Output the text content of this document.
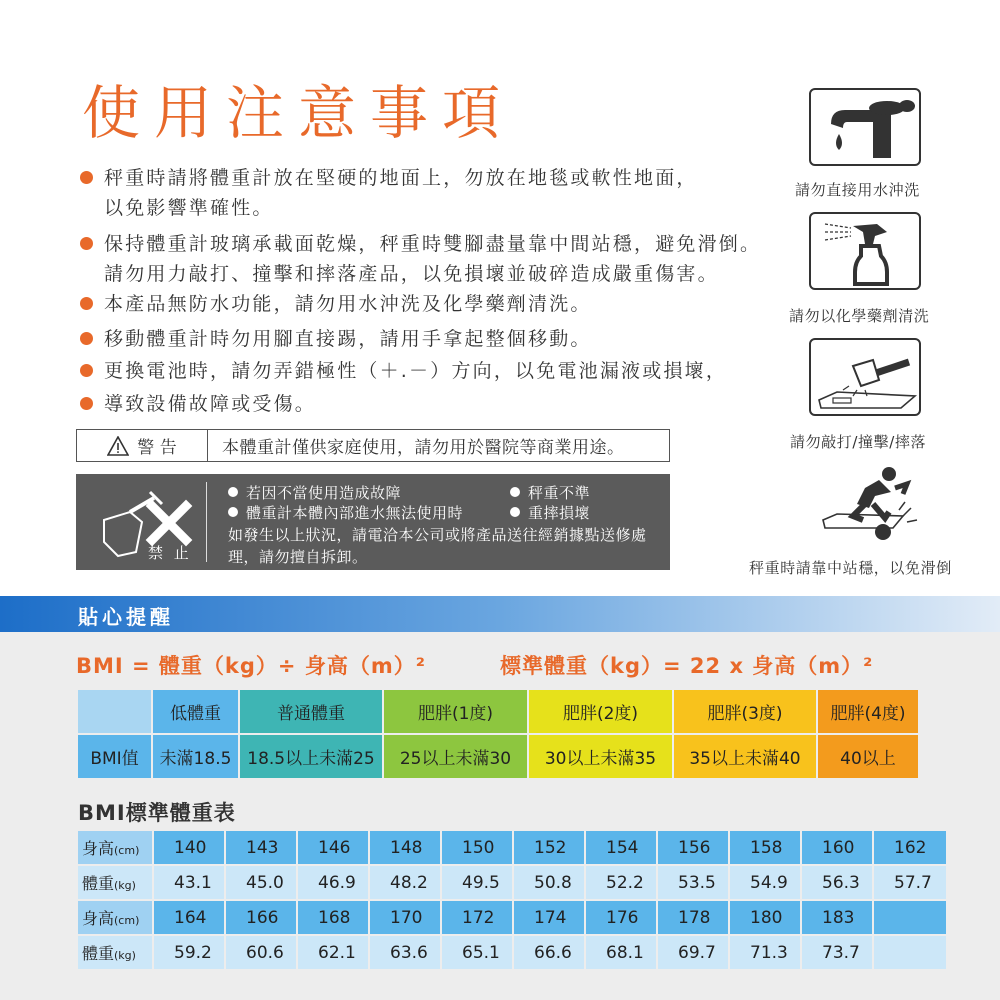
使用注意事項
秤重時請將體重計放在堅硬的地面上，勿放在地毯或軟性地面，
以免影響準確性。
保持體重計玻璃承載面乾燥，秤重時雙腳盡量靠中間站穩，避免滑倒。
請勿用力敲打、撞擊和摔落產品，以免損壞並破碎造成嚴重傷害。
本產品無防水功能，請勿用水沖洗及化學藥劑清洗。
移動體重計時勿用腳直接踢，請用手拿起整個移動。
更換電池時，請勿弄錯極性（＋.－）方向，以免電池漏液或損壞，
導致設備故障或受傷。
警 告	本體重計僅供家庭使用，請勿用於醫院等商業用途。
禁 止
若因不當使用造成故障	秤重不準
體重計本體內部進水無法使用時	重摔損壞
如發生以上狀況，請電洽本公司或將產品送往經銷據點送修處理，請勿擅自拆卸。
請勿直接用水沖洗
請勿以化學藥劑清洗
請勿敲打/撞擊/摔落
秤重時請靠中站穩，以免滑倒
貼心提醒
BMI = 體重（kg）÷ 身高（m）²	標準體重（kg）= 22 x 身高（m）²
	低體重	普通體重	肥胖(1度)	肥胖(2度)	肥胖(3度)	肥胖(4度)
BMI值	未滿18.5	18.5以上未滿25	25以上未滿30	30以上未滿35	35以上未滿40	40以上
BMI標準體重表
身高(cm)	140	143	146	148	150	152	154	156	158	160	162
體重(kg)	43.1	45.0	46.9	48.2	49.5	50.8	52.2	53.5	54.9	56.3	57.7
身高(cm)	164	166	168	170	172	174	176	178	180	183	
體重(kg)	59.2	60.6	62.1	63.6	65.1	66.6	68.1	69.7	71.3	73.7	
